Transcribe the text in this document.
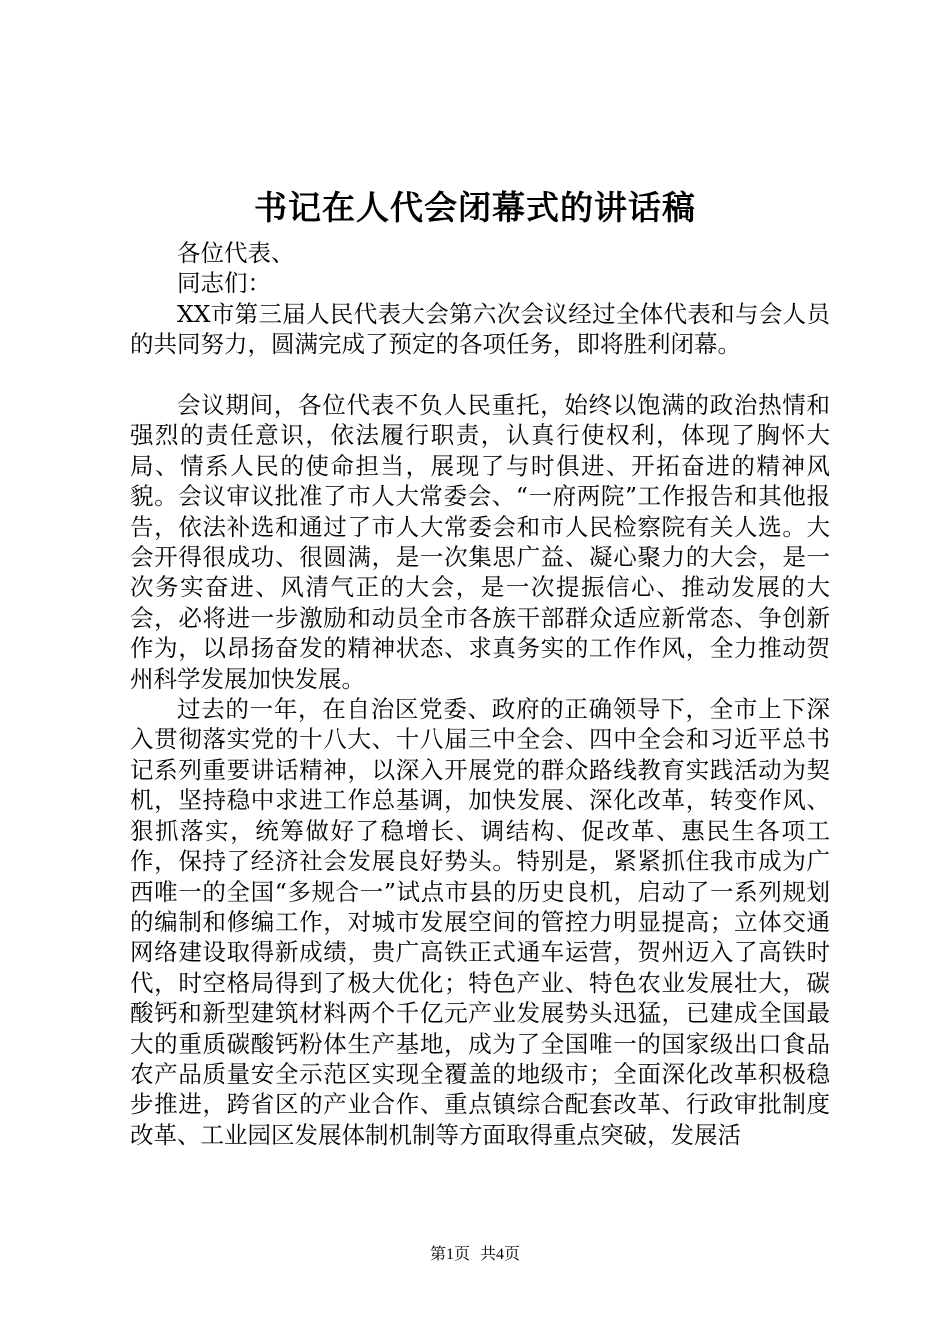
书记在人代会闭幕式的讲话稿

各位代表、

同志们：

XX市第三届人民代表大会第六次会议经过全体代表和与会人员的共同努力，圆满完成了预定的各项任务，即将胜利闭幕。

会议期间，各位代表不负人民重托，始终以饱满的政治热情和强烈的责任意识，依法履行职责，认真行使权利，体现了胸怀大局、情系人民的使命担当，展现了与时俱进、开拓奋进的精神风貌。会议审议批准了市人大常委会、“一府两院”工作报告和其他报告，依法补选和通过了市人大常委会和市人民检察院有关人选。大会开得很成功、很圆满，是一次集思广益、凝心聚力的大会，是一次务实奋进、风清气正的大会，是一次提振信心、推动发展的大会，必将进一步激励和动员全市各族干部群众适应新常态、争创新作为，以昂扬奋发的精神状态、求真务实的工作作风，全力推动贺州科学发展加快发展。

过去的一年，在自治区党委、政府的正确领导下，全市上下深入贯彻落实党的十八大、十八届三中全会、四中全会和习近平总书记系列重要讲话精神，以深入开展党的群众路线教育实践活动为契机，坚持稳中求进工作总基调，加快发展、深化改革，转变作风、狠抓落实，统筹做好了稳增长、调结构、促改革、惠民生各项工作，保持了经济社会发展良好势头。特别是，紧紧抓住我市成为广西唯一的全国“多规合一”试点市县的历史良机，启动了一系列规划的编制和修编工作，对城市发展空间的管控力明显提高；立体交通网络建设取得新成绩，贵广高铁正式通车运营，贺州迈入了高铁时代，时空格局得到了极大优化；特色产业、特色农业发展壮大，碳酸钙和新型建筑材料两个千亿元产业发展势头迅猛，已建成全国最大的重质碳酸钙粉体生产基地，成为了全国唯一的国家级出口食品农产品质量安全示范区实现全覆盖的地级市；全面深化改革积极稳步推进，跨省区的产业合作、重点镇综合配套改革、行政审批制度改革、工业园区发展体制机制等方面取得重点突破，发展活

第1页 共4页
